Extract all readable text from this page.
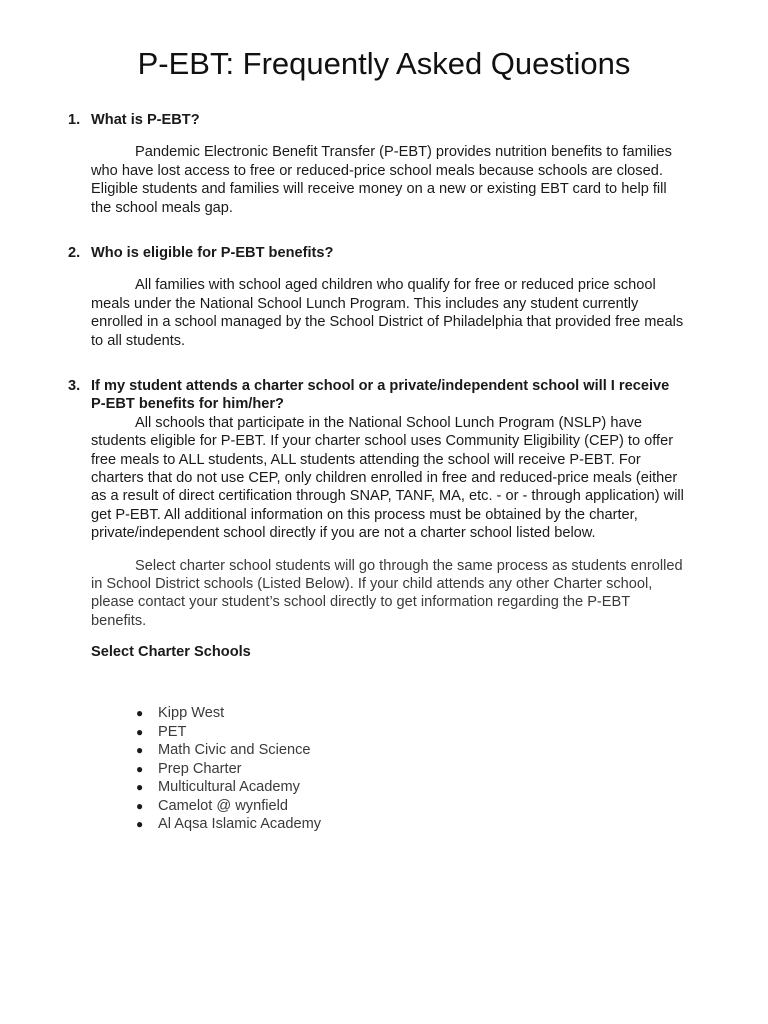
P-EBT: Frequently Asked Questions
1. What is P-EBT?

Pandemic Electronic Benefit Transfer (P-EBT) provides nutrition benefits to families who have lost access to free or reduced-price school meals because schools are closed. Eligible students and families will receive money on a new or existing EBT card to help fill the school meals gap.

2. Who is eligible for P-EBT benefits?

All families with school aged children who qualify for free or reduced price school meals under the National School Lunch Program. This includes any student currently enrolled in a school managed by the School District of Philadelphia that provided free meals to all students.

3. If my student attends a charter school or a private/independent school will I receive P-EBT benefits for him/her?

All schools that participate in the National School Lunch Program (NSLP) have students eligible for P-EBT. If your charter school uses Community Eligibility (CEP) to offer free meals to ALL students, ALL students attending the school will receive P-EBT. For charters that do not use CEP, only children enrolled in free and reduced-price meals (either as a result of direct certification through SNAP, TANF, MA, etc. - or - through application) will get P-EBT. All additional information on this process must be obtained by the charter, private/independent school directly if you are not a charter school listed below.

Select charter school students will go through the same process as students enrolled in School District schools (Listed Below). If your child attends any other Charter school, please contact your student’s school directly to get information regarding the P-EBT benefits.

Select Charter Schools

● Kipp West
● PET
● Math Civic and Science
● Prep Charter
● Multicultural Academy
● Camelot @ wynfield
● Al Aqsa Islamic Academy
